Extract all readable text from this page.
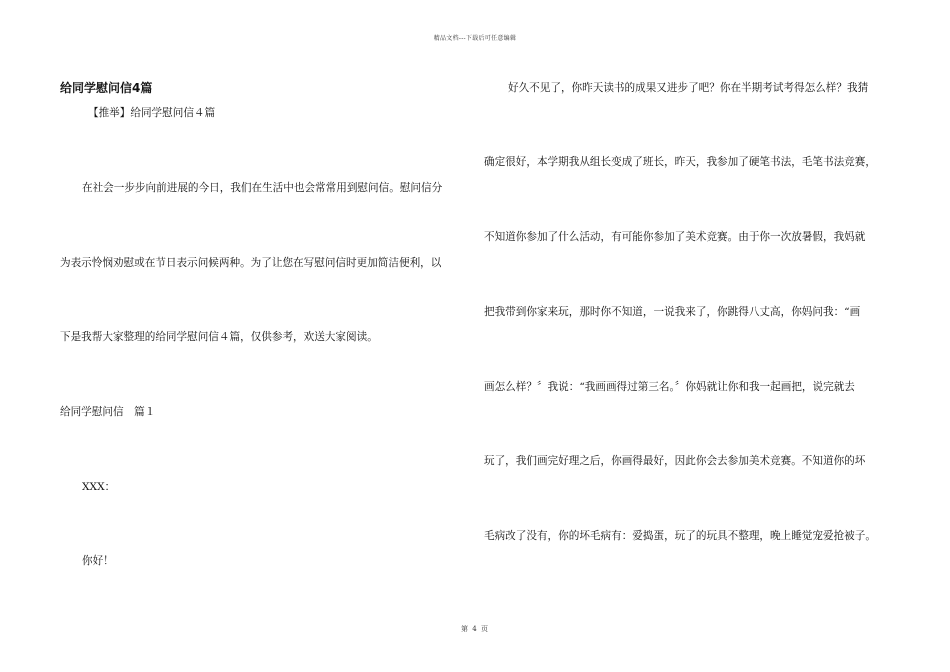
精品文档---下载后可任意编辑
给同学慰问信4篇
【推举】给同学慰问信４篇
在社会一步步向前进展的今日，我们在生活中也会常常用到慰问信。慰问信分
为表示怜悯劝慰或在节日表示问候两种。为了让您在写慰问信时更加简洁便利，以
下是我帮大家整理的给同学慰问信４篇，仅供参考，欢送大家阅读。
给同学慰问信　篇１
XXX：
你好！
好久不见了，你昨天读书的成果又进步了吧？你在半期考试考得怎么样？我猜
确定很好，本学期我从组长变成了班长，昨天，我参加了硬笔书法，毛笔书法竞赛，
不知道你参加了什么活动，有可能你参加了美术竞赛。由于你一次放暑假，我妈就
把我带到你家来玩，那时你不知道，一说我来了，你跳得八丈高，你妈问我：“画
画怎么样？〞我说：“我画画得过第三名。〞你妈就让你和我一起画把，说完就去
玩了，我们画完好理之后，你画得最好，因此你会去参加美术竞赛。不知道你的坏
毛病改了没有，你的坏毛病有：爱捣蛋，玩了的玩具不整理，晚上睡觉宠爱抢被子。
第 4 页
